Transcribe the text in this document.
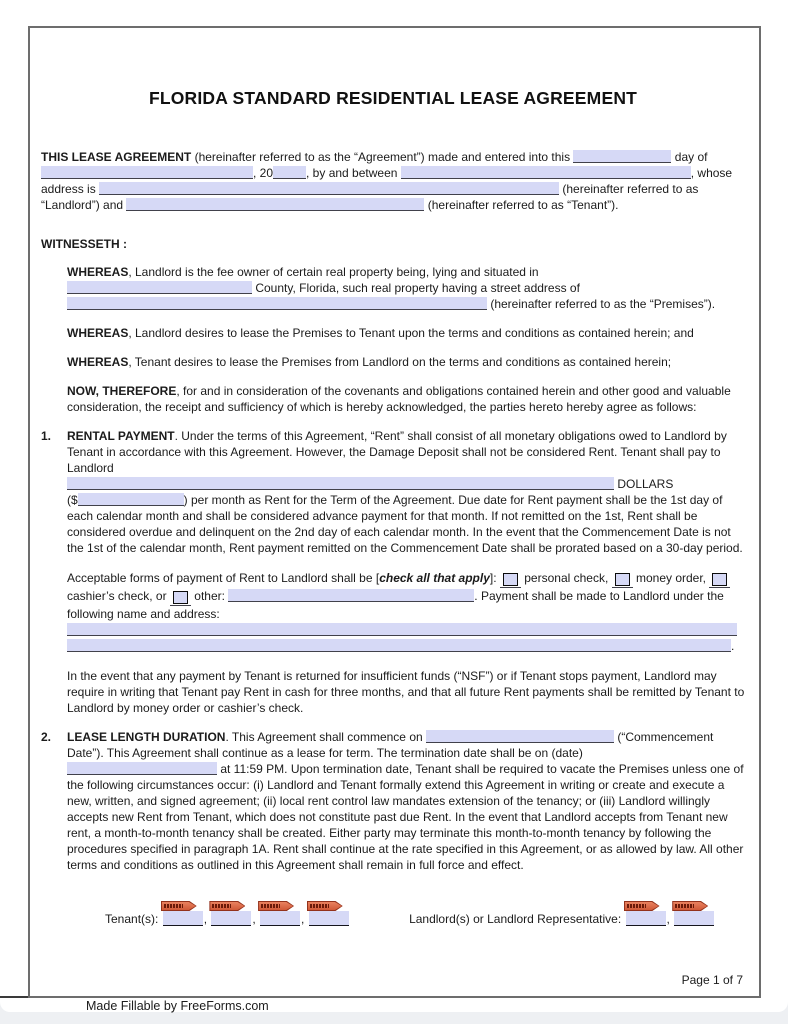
FLORIDA STANDARD RESIDENTIAL LEASE AGREEMENT
THIS LEASE AGREEMENT (hereinafter referred to as the “Agreement”) made and entered into this	day of , 20	, by and between	, whose address is	(hereinafter referred to as “Landlord”) and	(hereinafter referred to as “Tenant”).
WITNESSETH :
WHEREAS, Landlord is the fee owner of certain real property being, lying and situated in
County, Florida, such real property having a street address of
(hereinafter referred to as the “Premises”).
WHEREAS, Landlord desires to lease the Premises to Tenant upon the terms and conditions as contained herein; and
WHEREAS, Tenant desires to lease the Premises from Landlord on the terms and conditions as contained herein;
NOW, THEREFORE, for and in consideration of the covenants and obligations contained herein and other good and valuable consideration, the receipt and sufficiency of which is hereby acknowledged, the parties hereto hereby agree as follows:
1.	RENTAL PAYMENT. Under the terms of this Agreement, “Rent” shall consist of all monetary obligations owed to Landlord by Tenant in accordance with this Agreement. However, the Damage Deposit shall not be considered Rent. Tenant shall pay to Landlord
DOLLARS
($	) per month as Rent for the Term of the Agreement. Due date for Rent payment shall be the 1st day of each calendar month and shall be considered advance payment for that month. If not remitted on the 1st, Rent shall be considered overdue and delinquent on the 2nd day of each calendar month. In the event that the Commencement Date is not the 1st of the calendar month, Rent payment remitted on the Commencement Date shall be prorated based on a 30-day period.
Acceptable forms of payment of Rent to Landlord shall be [check all that apply]:  personal check,  money order,  cashier’s check, or  other:	. Payment shall be made to Landlord under the following name and address:

.
In the event that any payment by Tenant is returned for insufficient funds (“NSF”) or if Tenant stops payment, Landlord may require in writing that Tenant pay Rent in cash for three months, and that all future Rent payments shall be remitted by Tenant to Landlord by money order or cashier’s check.
2.	LEASE LENGTH DURATION. This Agreement shall commence on	(“Commencement Date”). This Agreement shall continue as a lease for term. The termination date shall be on (date)
at 11:59 PM. Upon termination date, Tenant shall be required to vacate the Premises unless one of the following circumstances occur: (i) Landlord and Tenant formally extend this Agreement in writing or create and execute a new, written, and signed agreement; (ii) local rent control law mandates extension of the tenancy; or (iii) Landlord willingly accepts new Rent from Tenant, which does not constitute past due Rent. In the event that Landlord accepts from Tenant new rent, a month-to-month tenancy shall be created. Either party may terminate this month-to-month tenancy by following the procedures specified in paragraph 1A. Rent shall continue at the rate specified in this Agreement, or as allowed by law. All other terms and conditions as outlined in this Agreement shall remain in full force and effect.
Tenant(s):	,	,	,	Landlord(s) or Landlord Representative:	,
Page 1 of 7
Made Fillable by FreeForms.com
